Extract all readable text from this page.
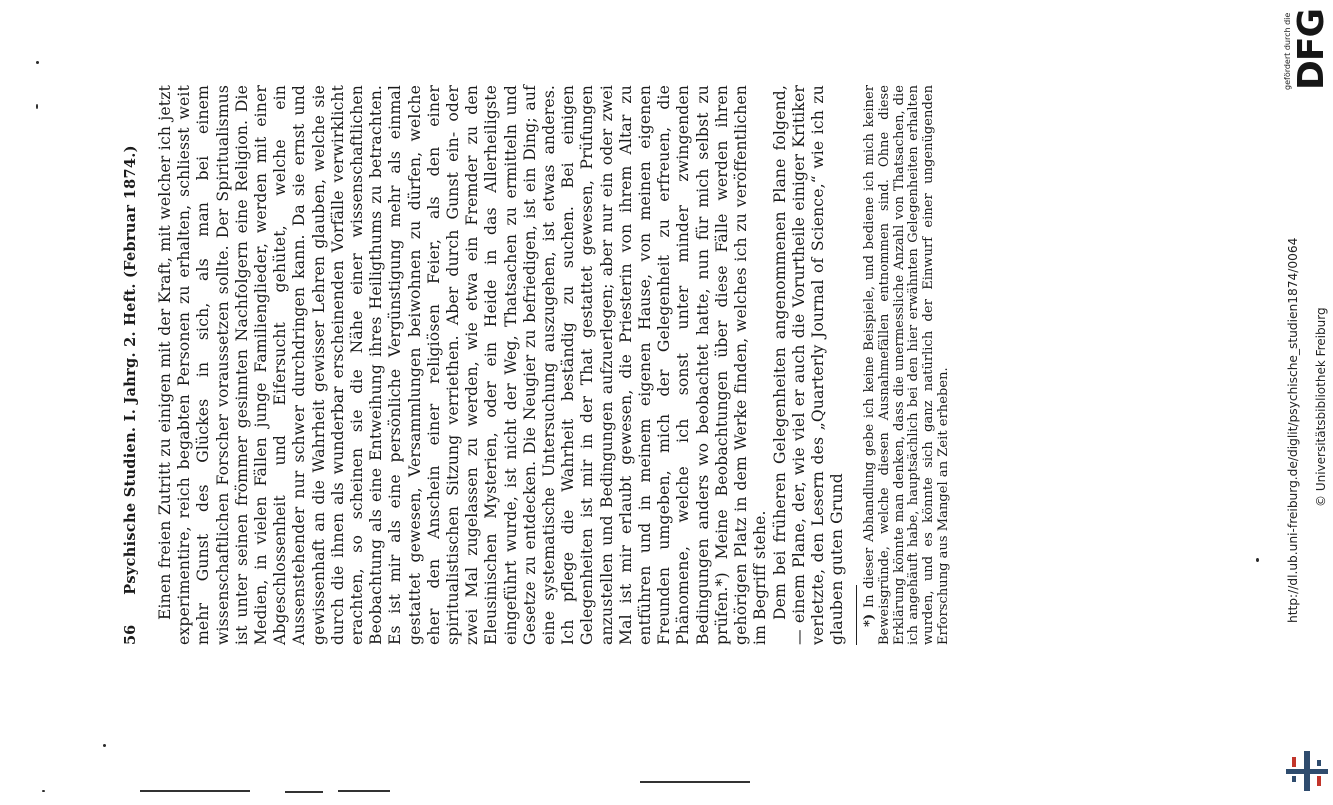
56
Psychische Studien. I. Jahrg. 2. Heft. (Februar 1874.) Einen freien Zutritt zu einigen mit der Kraft, mit welcher ich jetzt experimentire, reich begabten Personen zu erhalten, schliesst weit mehr Gunst des Glückes in sich, als man bei einem wissenschaftlichen Forscher voraussetzen sollte. Der Spiritualismus ist unter seinen frömmer gesinnten Nachfolgern eine Religion. Die Medien, in vielen Fällen junge Familienglieder, werden mit einer Abgeschlossenheit und Eifersucht gehütet, welche ein Aussenstehender nur schwer durchdringen kann. Da sie ernst und gewissenhaft an die Wahrheit gewisser Lehren glauben, welche sie durch die ihnen als wunderbar erscheinenden Vorfälle verwirklicht erachten, so scheinen sie die Nähe einer wissenschaftlichen Beobachtung als eine Entweihung ihres Heiligthums zu betrachten. Es ist mir als eine persönliche Vergünstigung mehr als einmal gestattet gewesen, Versammlungen beiwohnen zu dürfen, welche eher den Anschein einer religiösen Feier, als den einer spiritualistischen Sitzung verriethen. Aber durch Gunst ein- oder zwei Mal zugelassen zu werden, wie etwa ein Fremder zu den Eleusinischen Mysterien, oder ein Heide in das Allerheiligste eingeführt wurde, ist nicht der Weg, Thatsachen zu ermitteln und Gesetze zu entdecken. Die Neugier zu befriedigen, ist ein Ding; auf eine systematische Untersuchung auszugehen, ist etwas anderes. Ich pflege die Wahrheit beständig zu suchen. Bei einigen Gelegenheiten ist mir in der That gestattet gewesen, Prüfungen anzustellen und Bedingungen aufzuerlegen; aber nur ein oder zwei Mal ist mir erlaubt gewesen, die Priesterin von ihrem Altar zu entführen und in meinem eigenen Hause, von meinen eigenen Freunden umgeben, mich der Gelegenheit zu erfreuen, die Phänomene, welche ich sonst unter minder zwingenden Bedingungen anders wo beobachtet hatte, nun für mich selbst zu prüfen.*) Meine Beobachtungen über diese Fälle werden ihren gehörigen Platz in dem Werke finden, welches ich zu veröffentlichen im Begriff stehe. Dem bei früheren Gelegenheiten angenommenen Plane folgend, — einem Plane, der, wie viel er auch die Vorurtheile einiger Kritiker verletzte, den Lesern des „Quarterly Journal of Science,“ wie ich zu glauben guten Grund *) In dieser Abhandlung gebe ich keine Beispiele, und bediene ich mich keiner Beweisgründe, welche diesen Ausnahmefällen entnommen sind. Ohne diese Erklärung könnte man denken, dass die unermessliche Anzahl von Thatsachen, die ich angehäuft habe, hauptsächlich bei den hier erwähnten Gelegenheiten erhalten wurden, und es könnte sich ganz natürlich der Einwurf einer ungenügenden Erforschung aus Mangel an Zeit erheben.
gefördert durch die DFG
http://dl.ub.uni-freiburg.de/diglit/psychische_studien1874/0064 © Universitätsbibliothek Freiburg
